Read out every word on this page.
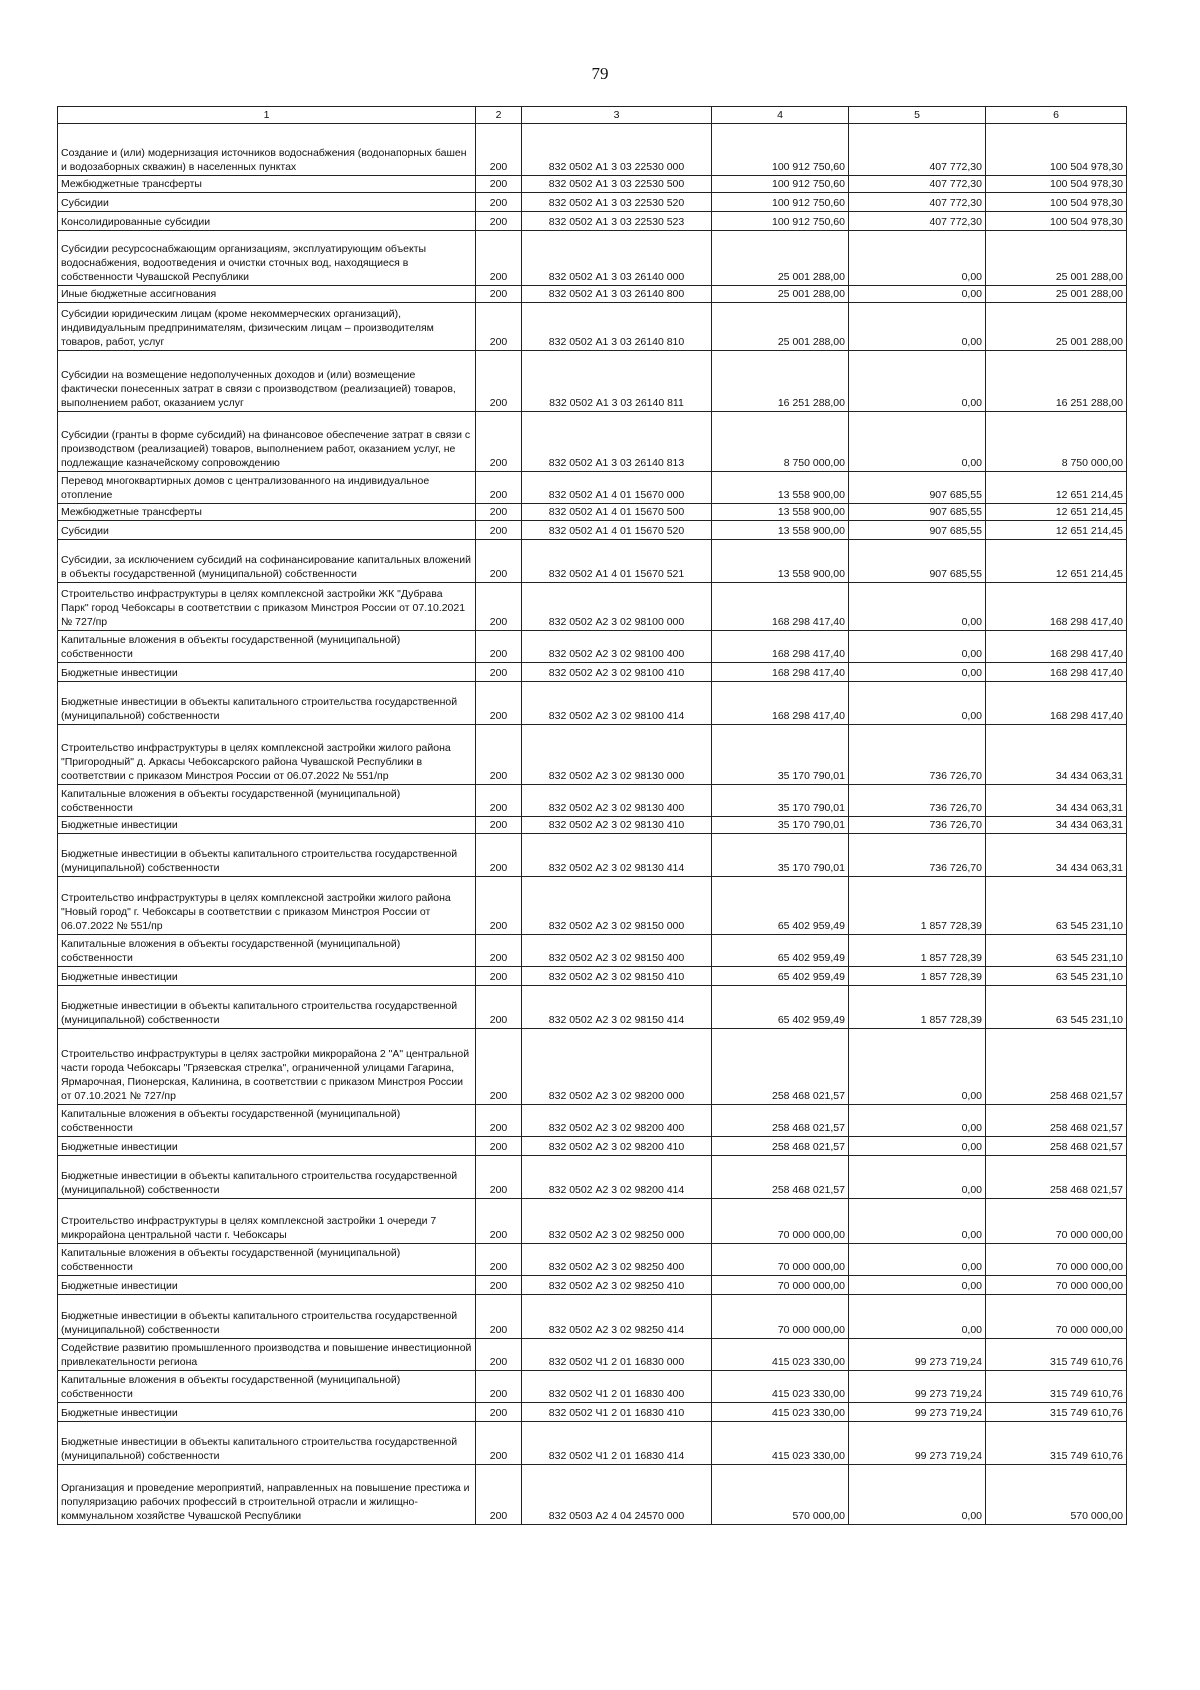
79
1	2	3	4	5	6
Создание и (или) модернизация источников водоснабжения (водонапорных башен и водозаборных скважин) в населенных пунктах	200	832 0502 А1 3 03 22530 000	100 912 750,60	407 772,30	100 504 978,30
Межбюджетные трансферты	200	832 0502 А1 3 03 22530 500	100 912 750,60	407 772,30	100 504 978,30
Субсидии	200	832 0502 А1 3 03 22530 520	100 912 750,60	407 772,30	100 504 978,30
Консолидированные субсидии	200	832 0502 А1 3 03 22530 523	100 912 750,60	407 772,30	100 504 978,30
Субсидии ресурсоснабжающим организациям, эксплуатирующим объекты водоснабжения, водоотведения и очистки сточных вод, находящиеся в собственности Чувашской Республики	200	832 0502 А1 3 03 26140 000	25 001 288,00	0,00	25 001 288,00
Иные бюджетные ассигнования	200	832 0502 А1 3 03 26140 800	25 001 288,00	0,00	25 001 288,00
Субсидии юридическим лицам (кроме некоммерческих организаций), индивидуальным предпринимателям, физическим лицам – производителям товаров, работ, услуг	200	832 0502 А1 3 03 26140 810	25 001 288,00	0,00	25 001 288,00
Субсидии на возмещение недополученных доходов и (или) возмещение фактически понесенных затрат в связи с производством (реализацией) товаров, выполнением работ, оказанием услуг	200	832 0502 А1 3 03 26140 811	16 251 288,00	0,00	16 251 288,00
Субсидии (гранты в форме субсидий) на финансовое обеспечение затрат в связи с производством (реализацией) товаров, выполнением работ, оказанием услуг, не подлежащие казначейскому сопровождению	200	832 0502 А1 3 03 26140 813	8 750 000,00	0,00	8 750 000,00
Перевод многоквартирных домов с централизованного на индивидуальное отопление	200	832 0502 А1 4 01 15670 000	13 558 900,00	907 685,55	12 651 214,45
Межбюджетные трансферты	200	832 0502 А1 4 01 15670 500	13 558 900,00	907 685,55	12 651 214,45
Субсидии	200	832 0502 А1 4 01 15670 520	13 558 900,00	907 685,55	12 651 214,45
Субсидии, за исключением субсидий на софинансирование капитальных вложений в объекты государственной (муниципальной) собственности	200	832 0502 А1 4 01 15670 521	13 558 900,00	907 685,55	12 651 214,45
Строительство инфраструктуры в целях комплексной застройки ЖК "Дубрава Парк" город Чебоксары в соответствии с приказом Минстроя России от 07.10.2021 № 727/пр	200	832 0502 А2 3 02 98100 000	168 298 417,40	0,00	168 298 417,40
Капитальные вложения в объекты государственной (муниципальной) собственности	200	832 0502 А2 3 02 98100 400	168 298 417,40	0,00	168 298 417,40
Бюджетные инвестиции	200	832 0502 А2 3 02 98100 410	168 298 417,40	0,00	168 298 417,40
Бюджетные инвестиции в объекты капитального строительства государственной (муниципальной) собственности	200	832 0502 А2 3 02 98100 414	168 298 417,40	0,00	168 298 417,40
Строительство инфраструктуры в целях комплексной застройки жилого района "Пригородный" д. Аркасы Чебоксарского района Чувашской Республики в соответствии с приказом Минстроя России от 06.07.2022 № 551/пр	200	832 0502 А2 3 02 98130 000	35 170 790,01	736 726,70	34 434 063,31
Капитальные вложения в объекты государственной (муниципальной) собственности	200	832 0502 А2 3 02 98130 400	35 170 790,01	736 726,70	34 434 063,31
Бюджетные инвестиции	200	832 0502 А2 3 02 98130 410	35 170 790,01	736 726,70	34 434 063,31
Бюджетные инвестиции в объекты капитального строительства государственной (муниципальной) собственности	200	832 0502 А2 3 02 98130 414	35 170 790,01	736 726,70	34 434 063,31
Строительство инфраструктуры в целях комплексной застройки жилого района "Новый город" г. Чебоксары в соответствии с приказом Минстроя России от 06.07.2022 № 551/пр	200	832 0502 А2 3 02 98150 000	65 402 959,49	1 857 728,39	63 545 231,10
Капитальные вложения в объекты государственной (муниципальной) собственности	200	832 0502 А2 3 02 98150 400	65 402 959,49	1 857 728,39	63 545 231,10
Бюджетные инвестиции	200	832 0502 А2 3 02 98150 410	65 402 959,49	1 857 728,39	63 545 231,10
Бюджетные инвестиции в объекты капитального строительства государственной (муниципальной) собственности	200	832 0502 А2 3 02 98150 414	65 402 959,49	1 857 728,39	63 545 231,10
Строительство инфраструктуры в целях застройки микрорайона 2 "А" центральной части города Чебоксары "Грязевская стрелка", ограниченной улицами Гагарина, Ярмарочная, Пионерская, Калинина, в соответствии с приказом Минстроя России от 07.10.2021 № 727/пр	200	832 0502 А2 3 02 98200 000	258 468 021,57	0,00	258 468 021,57
Капитальные вложения в объекты государственной (муниципальной) собственности	200	832 0502 А2 3 02 98200 400	258 468 021,57	0,00	258 468 021,57
Бюджетные инвестиции	200	832 0502 А2 3 02 98200 410	258 468 021,57	0,00	258 468 021,57
Бюджетные инвестиции в объекты капитального строительства государственной (муниципальной) собственности	200	832 0502 А2 3 02 98200 414	258 468 021,57	0,00	258 468 021,57
Строительство инфраструктуры в целях комплексной застройки 1 очереди 7 микрорайона центральной части г. Чебоксары	200	832 0502 А2 3 02 98250 000	70 000 000,00	0,00	70 000 000,00
Капитальные вложения в объекты государственной (муниципальной) собственности	200	832 0502 А2 3 02 98250 400	70 000 000,00	0,00	70 000 000,00
Бюджетные инвестиции	200	832 0502 А2 3 02 98250 410	70 000 000,00	0,00	70 000 000,00
Бюджетные инвестиции в объекты капитального строительства государственной (муниципальной) собственности	200	832 0502 А2 3 02 98250 414	70 000 000,00	0,00	70 000 000,00
Содействие развитию промышленного производства и повышение инвестиционной привлекательности региона	200	832 0502 Ч1 2 01 16830 000	415 023 330,00	99 273 719,24	315 749 610,76
Капитальные вложения в объекты государственной (муниципальной) собственности	200	832 0502 Ч1 2 01 16830 400	415 023 330,00	99 273 719,24	315 749 610,76
Бюджетные инвестиции	200	832 0502 Ч1 2 01 16830 410	415 023 330,00	99 273 719,24	315 749 610,76
Бюджетные инвестиции в объекты капитального строительства государственной (муниципальной) собственности	200	832 0502 Ч1 2 01 16830 414	415 023 330,00	99 273 719,24	315 749 610,76
Организация и проведение мероприятий, направленных на повышение престижа и популяризацию рабочих профессий в строительной отрасли и жилищно-коммунальном хозяйстве Чувашской Республики	200	832 0503 А2 4 04 24570 000	570 000,00	0,00	570 000,00
